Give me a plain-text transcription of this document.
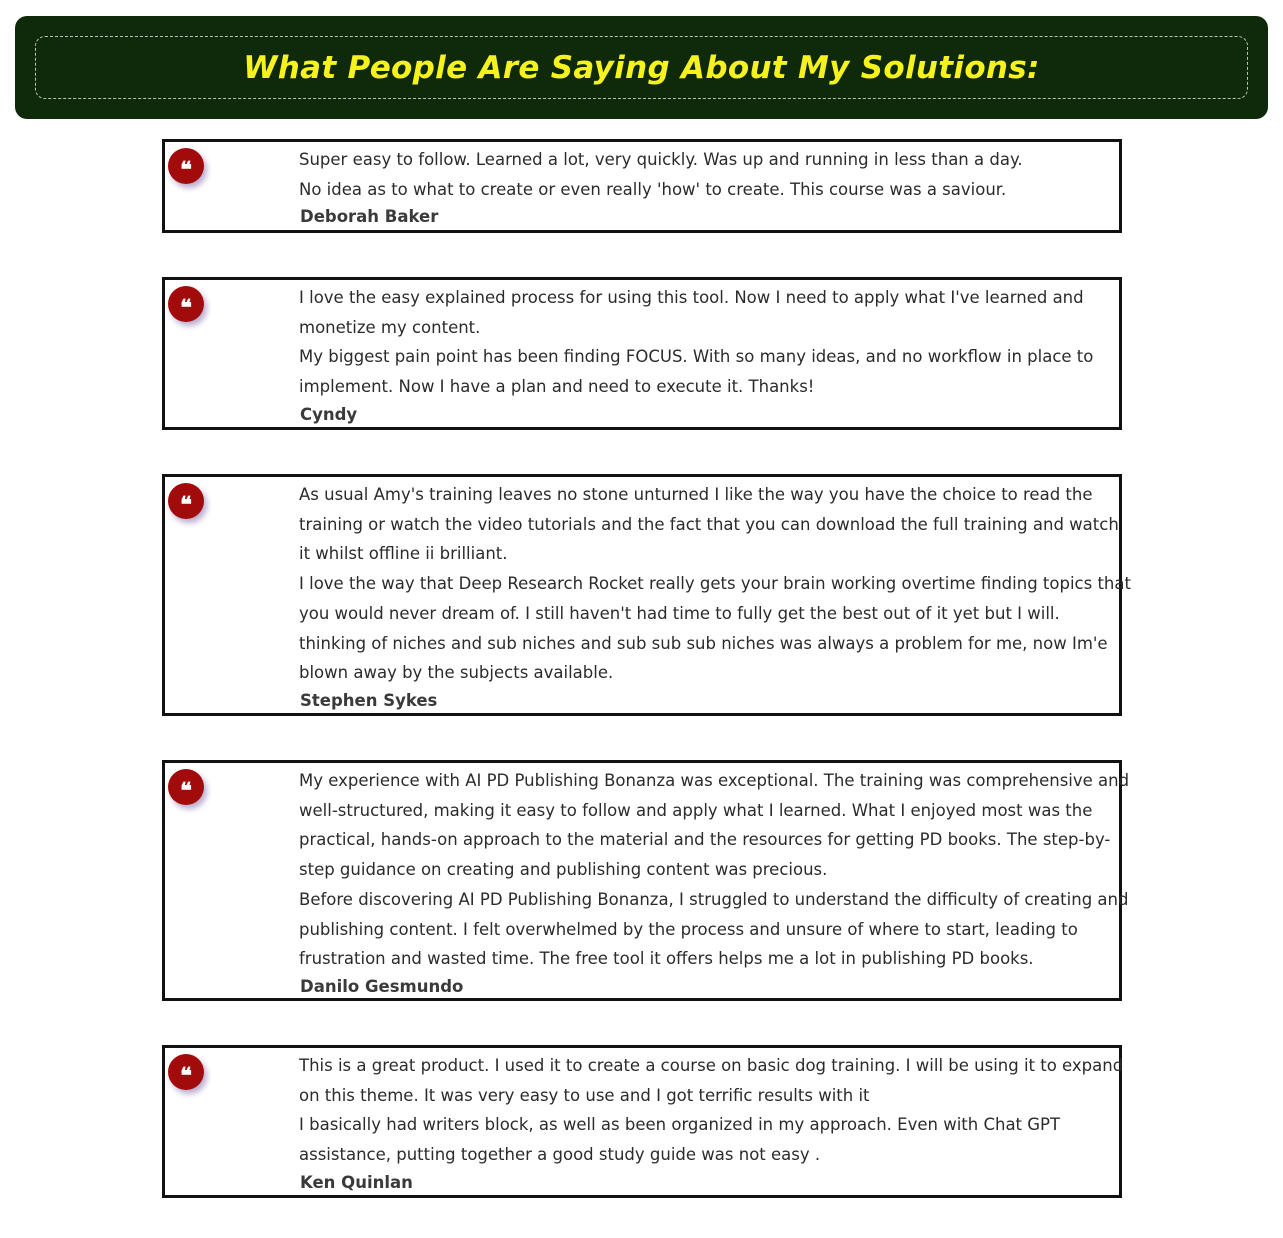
What People Are Saying About My Solutions:
❝	Super easy to follow. Learned a lot, very quickly. Was up and running in less than a day.
No idea as to what to create or even really 'how' to create. This course was a saviour.
Deborah Baker
❝	I love the easy explained process for using this tool. Now I need to apply what I've learned and
monetize my content.
My biggest pain point has been finding FOCUS. With so many ideas, and no workflow in place to
implement. Now I have a plan and need to execute it. Thanks!
Cyndy
❝	As usual Amy's training leaves no stone unturned I like the way you have the choice to read the
training or watch the video tutorials and the fact that you can download the full training and watch
it whilst offline ii brilliant.
I love the way that Deep Research Rocket really gets your brain working overtime finding topics that
you would never dream of. I still haven't had time to fully get the best out of it yet but I will.
thinking of niches and sub niches and sub sub sub niches was always a problem for me, now Im'e
blown away by the subjects available.
Stephen Sykes
❝	My experience with AI PD Publishing Bonanza was exceptional. The training was comprehensive and
well-structured, making it easy to follow and apply what I learned. What I enjoyed most was the
practical, hands-on approach to the material and the resources for getting PD books. The step-by-
step guidance on creating and publishing content was precious.
Before discovering AI PD Publishing Bonanza, I struggled to understand the difficulty of creating and
publishing content. I felt overwhelmed by the process and unsure of where to start, leading to
frustration and wasted time. The free tool it offers helps me a lot in publishing PD books.
Danilo Gesmundo
❝	This is a great product. I used it to create a course on basic dog training. I will be using it to expand
on this theme. It was very easy to use and I got terrific results with it
I basically had writers block, as well as been organized in my approach. Even with Chat GPT
assistance, putting together a good study guide was not easy .
Ken Quinlan
